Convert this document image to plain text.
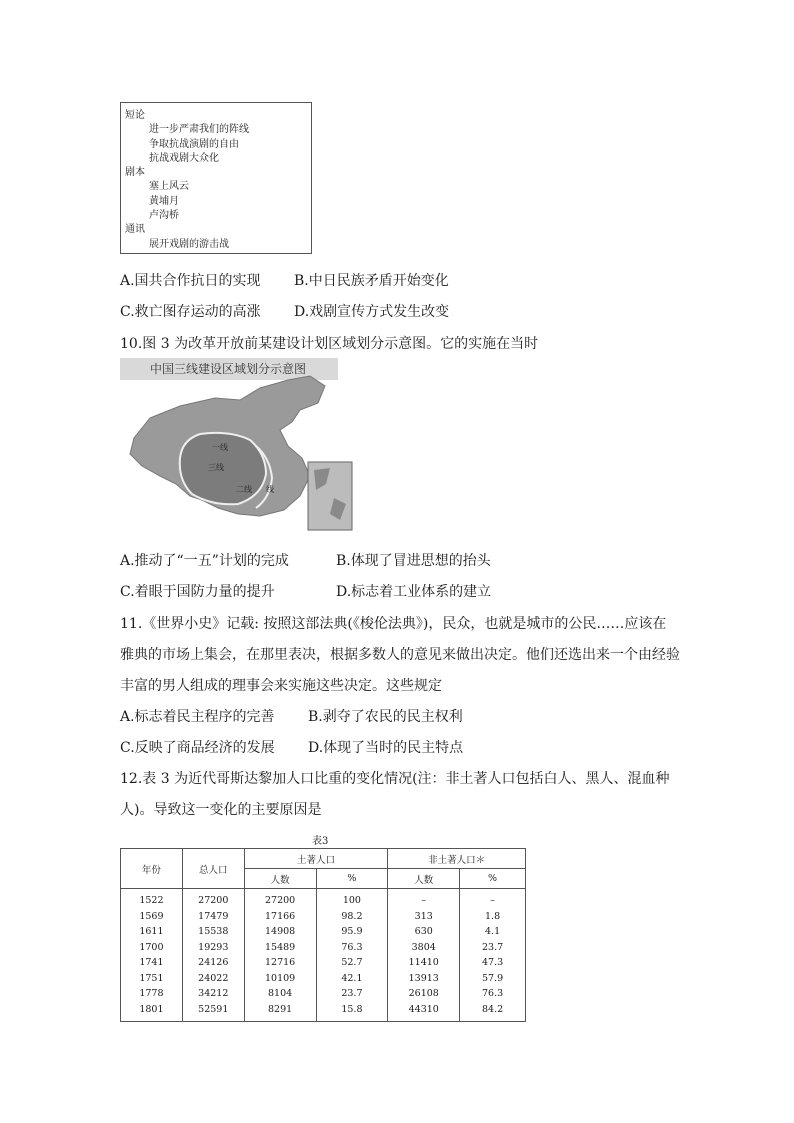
短论
进一步严肃我们的阵线
争取抗战演剧的自由
抗战戏剧大众化
剧本
塞上风云
黄埔月
卢沟桥
通讯
展开戏剧的游击战
A.国共合作抗日的实现 B.中日民族矛盾开始变化
C.救亡图存运动的高涨 D.戏剧宣传方式发生改变
10.图 3 为改革开放前某建设计划区域划分示意图。它的实施在当时
中国三线建设区域划分示意图
一线
三线
二线 线
A.推动了“一五”计划的完成	B.体现了冒进思想的抬头
C.着眼于国防力量的提升	D.标志着工业体系的建立
11.《世界小史》记载: 按照这部法典(《梭伦法典》)，民众，也就是城市的公民……应该在
雅典的市场上集会，在那里表决，根据多数人的意见来做出决定。他们还选出来一个由经验
丰富的男人组成的理事会来实施这些决定。这些规定
A.标志着民主程序的完善 B.剥夺了农民的民主权利
C.反映了商品经济的发展 D.体现了当时的民主特点
12.表 3 为近代哥斯达黎加人口比重的变化情况(注：非土著人口包括白人、黑人、混血种
人)。导致这一变化的主要原因是
表3
年份	总人口	土著人口		非土著人口＊	
		人数	%	人数	%
1522	27200	27200	100	–	–
1569	17479	17166	98.2	313	1.8
1611	15538	14908	95.9	630	4.1
1700	19293	15489	76.3	3804	23.7
1741	24126	12716	52.7	11410	47.3
1751	24022	10109	42.1	13913	57.9
1778	34212	8104	23.7	26108	76.3
1801	52591	8291	15.8	44310	84.2
